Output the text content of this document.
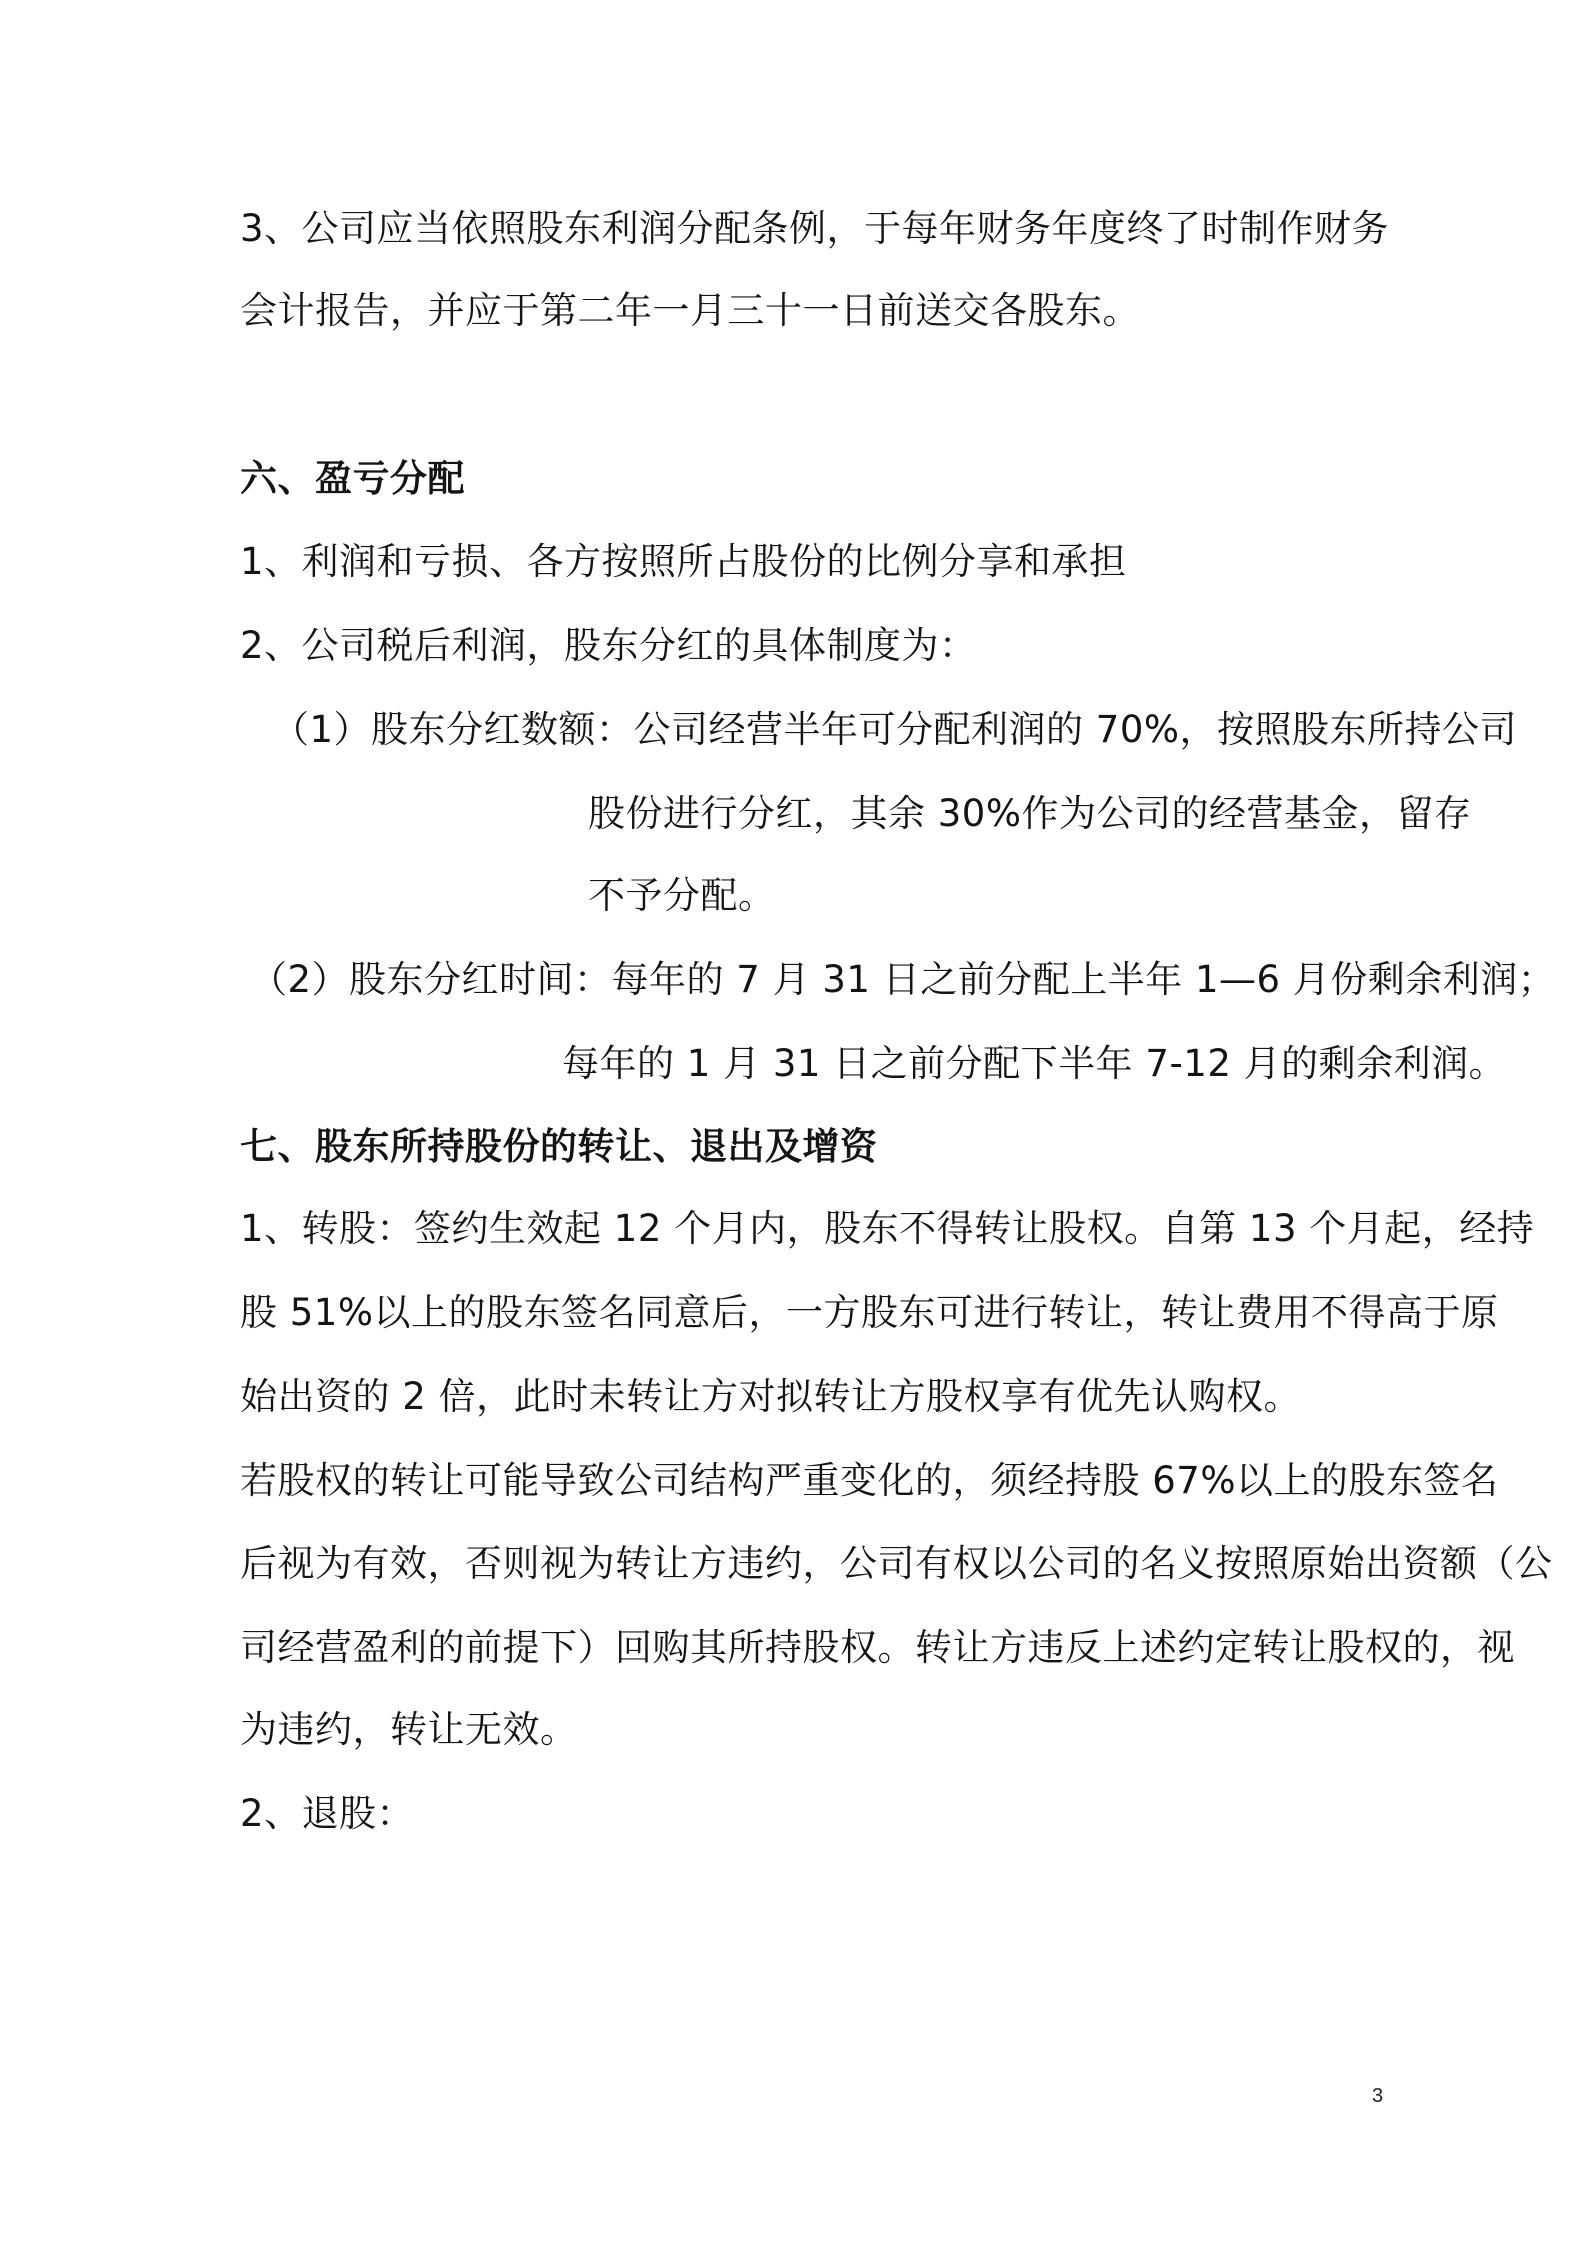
3、公司应当依照股东利润分配条例，于每年财务年度终了时制作财务

会计报告，并应于第二年一月三十一日前送交各股东。

六、盈亏分配

1、利润和亏损、各方按照所占股份的比例分享和承担

2、公司税后利润，股东分红的具体制度为：

（1）股东分红数额：公司经营半年可分配利润的 70%，按照股东所持公司

股份进行分红，其余 30%作为公司的经营基金，留存

不予分配。

（2）股东分红时间：每年的 7 月 31 日之前分配上半年 1—6 月份剩余利润；

每年的 1 月 31 日之前分配下半年 7-12 月的剩余利润。

七、股东所持股份的转让、退出及增资

1、转股：签约生效起 12 个月内，股东不得转让股权。自第 13 个月起，经持

股 51%以上的股东签名同意后，一方股东可进行转让，转让费用不得高于原

始出资的 2 倍，此时未转让方对拟转让方股权享有优先认购权。

若股权的转让可能导致公司结构严重变化的，须经持股 67%以上的股东签名

后视为有效，否则视为转让方违约，公司有权以公司的名义按照原始出资额（公

司经营盈利的前提下）回购其所持股权。转让方违反上述约定转让股权的，视

为违约，转让无效。

2、退股：

3
